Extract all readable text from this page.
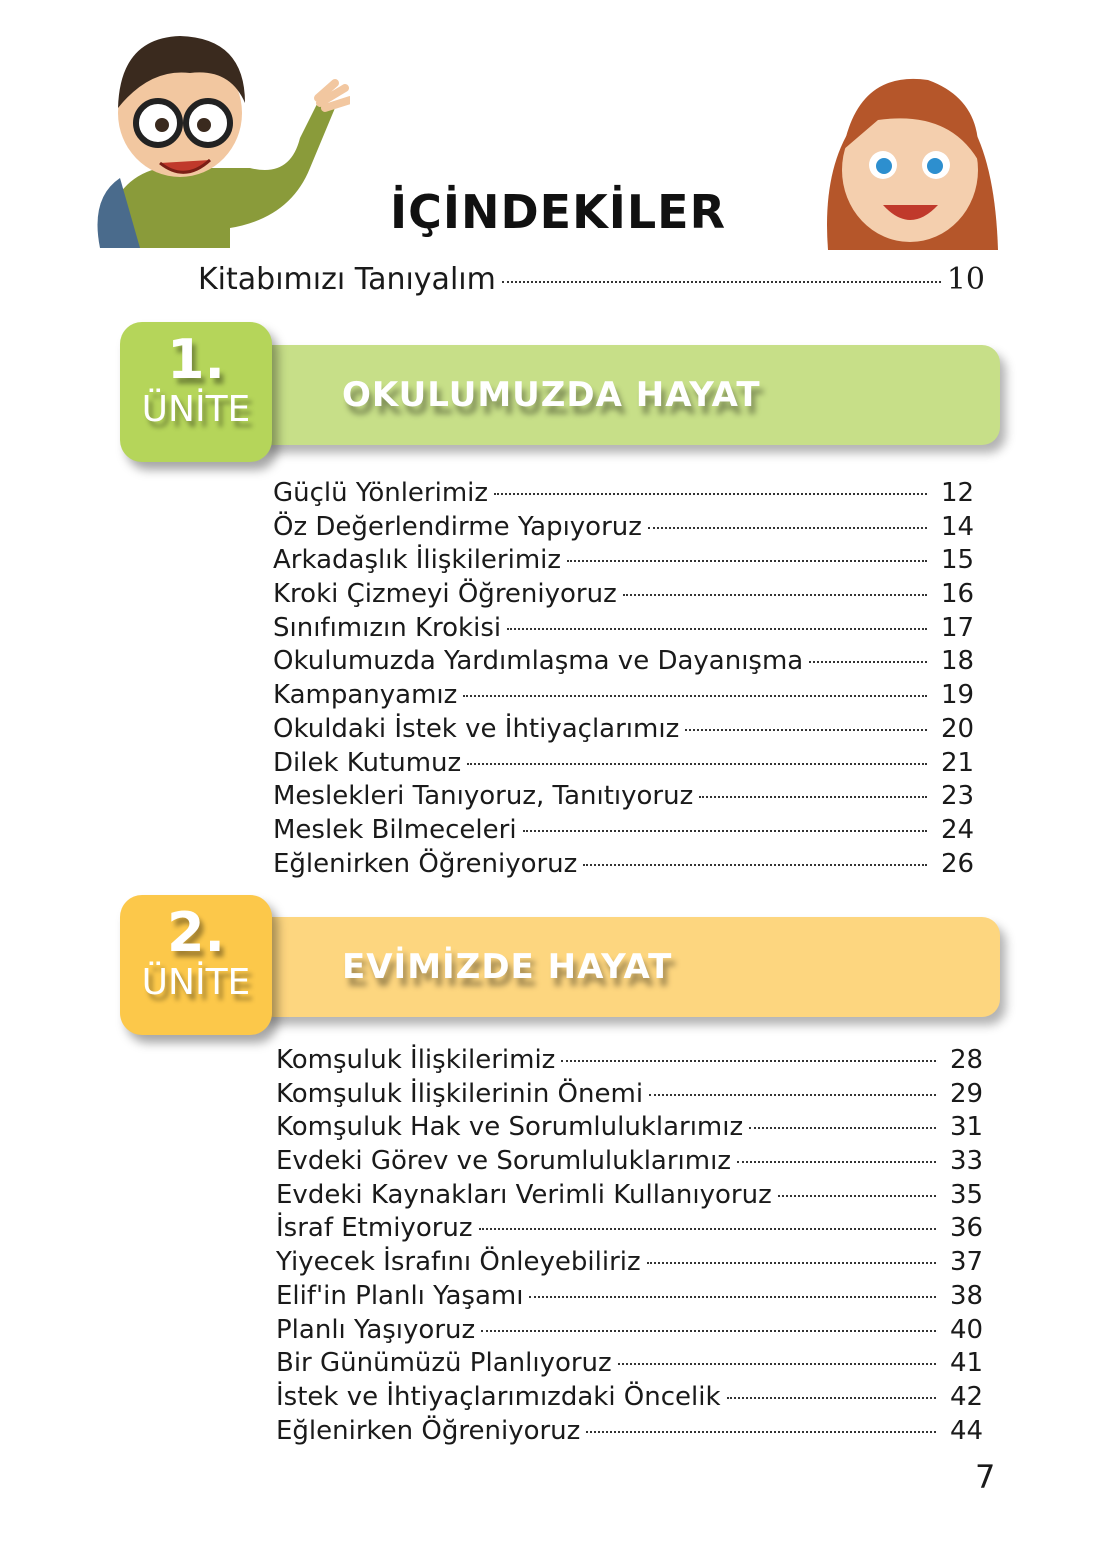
İÇİNDEKİLER
Kitabımızı Tanıyalım	10
1.
ÜNİTE	OKULUMUZDA HAYAT
Güçlü Yönlerimiz	12
Öz Değerlendirme Yapıyoruz	14
Arkadaşlık İlişkilerimiz	15
Kroki Çizmeyi Öğreniyoruz	16
Sınıfımızın Krokisi	17
Okulumuzda Yardımlaşma ve Dayanışma	18
Kampanyamız	19
Okuldaki İstek ve İhtiyaçlarımız	20
Dilek Kutumuz	21
Meslekleri Tanıyoruz, Tanıtıyoruz	23
Meslek Bilmeceleri	24
Eğlenirken Öğreniyoruz	26
2.
ÜNİTE	EVİMİZDE HAYAT
Komşuluk İlişkilerimiz	28
Komşuluk İlişkilerinin Önemi	29
Komşuluk Hak ve Sorumluluklarımız	31
Evdeki Görev ve Sorumluluklarımız	33
Evdeki Kaynakları Verimli Kullanıyoruz	35
İsraf Etmiyoruz	36
Yiyecek İsrafını Önleyebiliriz	37
Elif'in Planlı Yaşamı	38
Planlı Yaşıyoruz	40
Bir Günümüzü Planlıyoruz	41
İstek ve İhtiyaçlarımızdaki Öncelik	42
Eğlenirken Öğreniyoruz	44
7
